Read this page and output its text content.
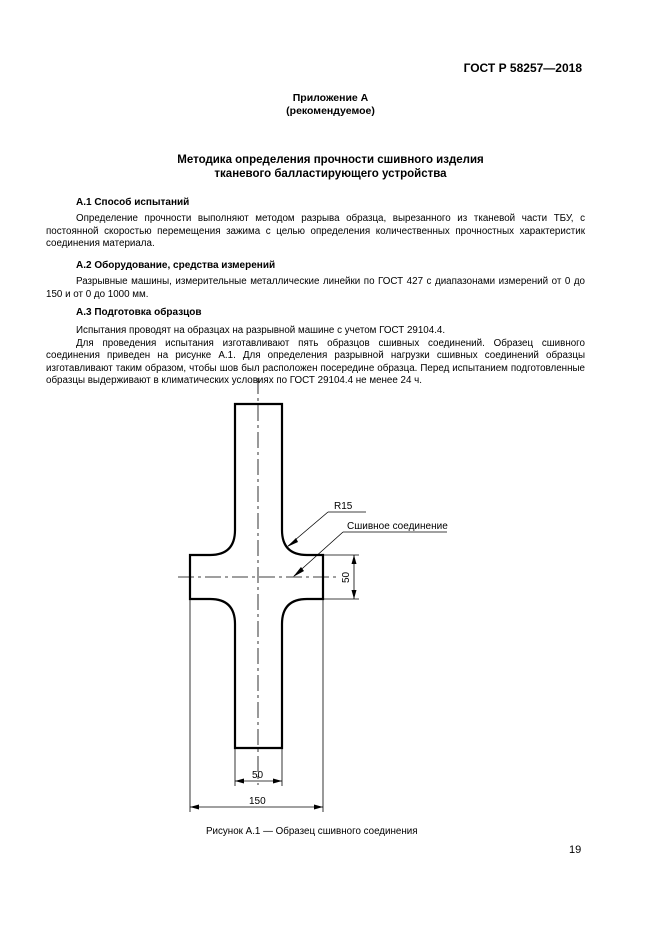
ГОСТ Р 58257—2018
Приложение А
(рекомендуемое)
Методика определения прочности сшивного изделия
тканевого балластирующего устройства
А.1 Способ испытаний

Определение прочности выполняют методом разрыва образца, вырезанного из тканевой части ТБУ, с постоянной скоростью перемещения зажима с целью определения количественных прочностных характеристик соединения материала.

А.2 Оборудование, средства измерений

Разрывные машины, измерительные металлические линейки по ГОСТ 427 с диапазонами измерений от 0 до 150 и от 0 до 1000 мм.

А.3 Подготовка образцов

Испытания проводят на образцах на разрывной машине с учетом ГОСТ 29104.4.

Для проведения испытания изготавливают пять образцов сшивных соединений. Образец сшивного соединения приведен на рисунке А.1. Для определения разрывной нагрузки сшивных соединений образцы изготавливают таким образом, чтобы шов был расположен посередине образца. Перед испытанием подготовленные образцы выдерживают в климатических условиях по ГОСТ 29104.4 не менее 24 ч.

R15
Сшивное соединение
50
50
150
Рисунок А.1 — Образец сшивного соединения
19
